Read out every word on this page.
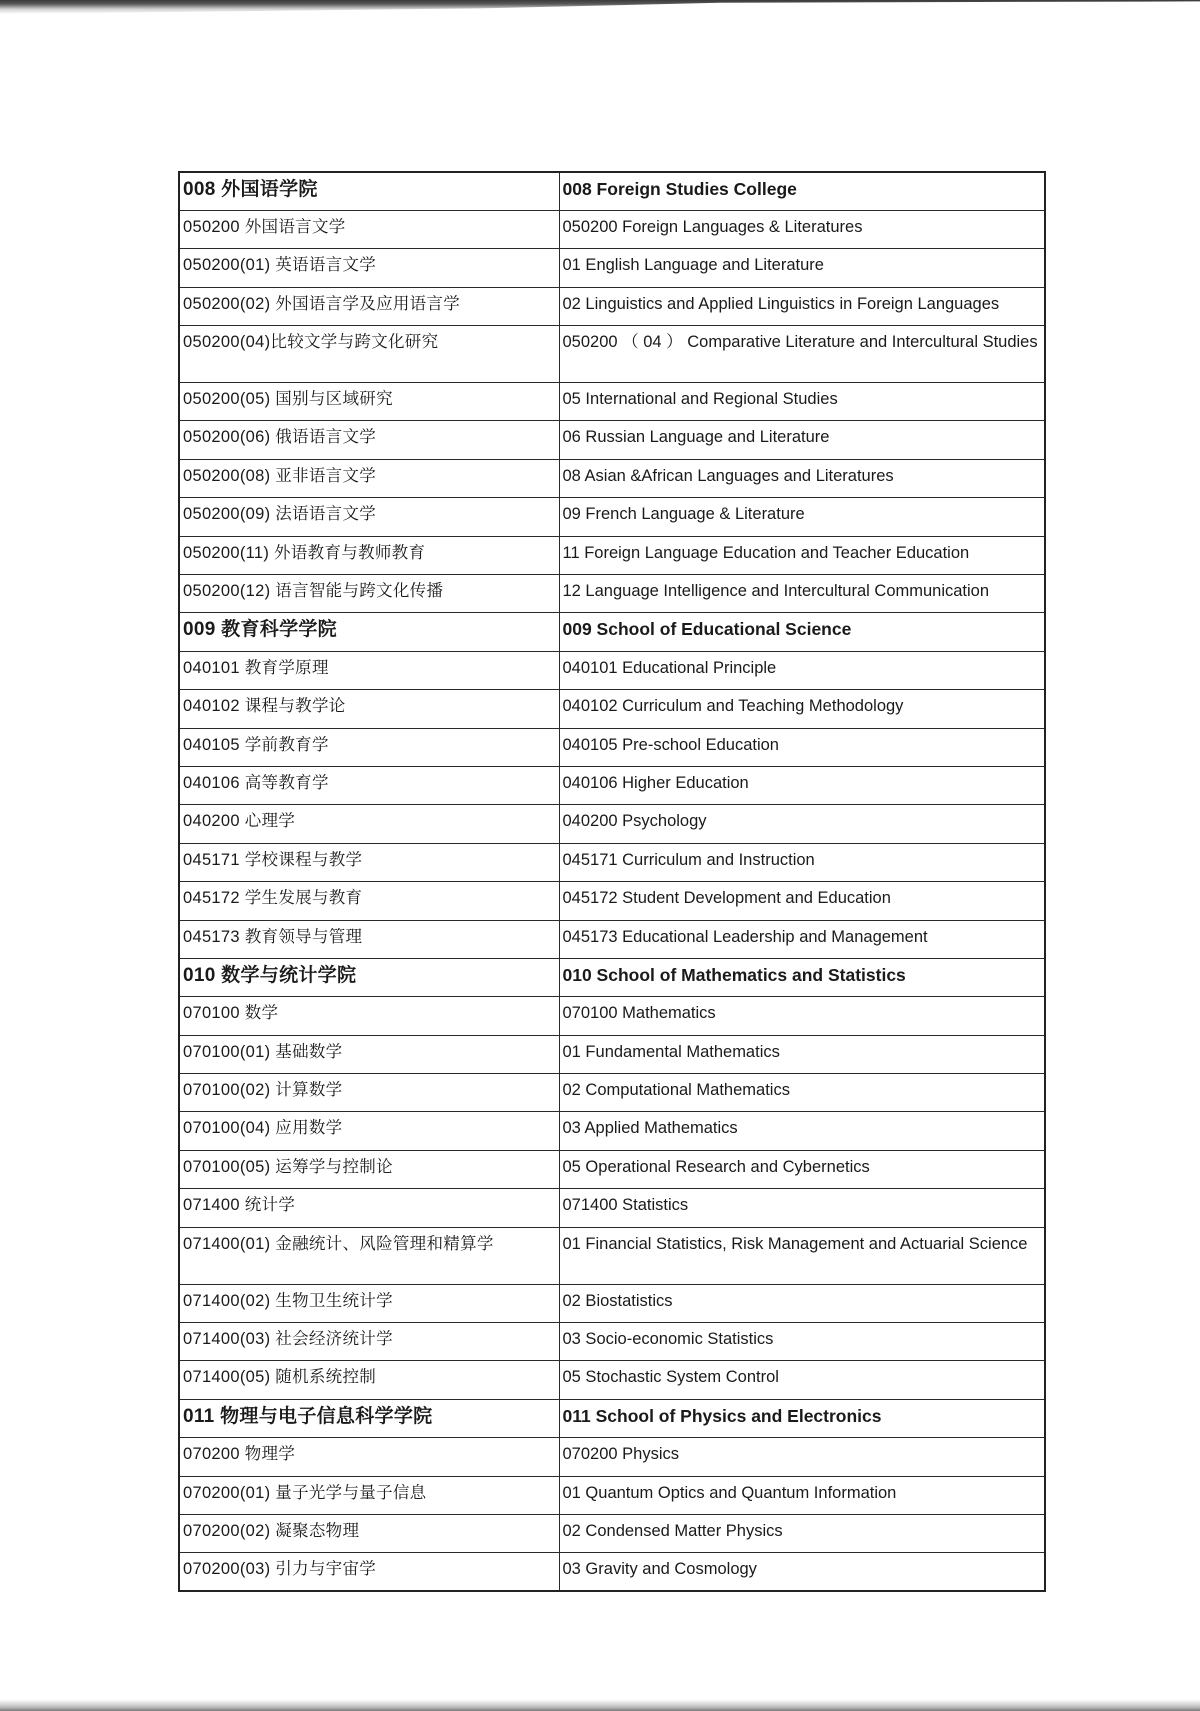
008 外国语学院	008 Foreign Studies College
050200 外国语言文学	050200 Foreign Languages & Literatures
050200(01) 英语语言文学	01 English Language and Literature
050200(02) 外国语言学及应用语言学	02 Linguistics and Applied Linguistics in Foreign Languages
050200(04)比较文学与跨文化研究	050200 （ 04 ） Comparative Literature and Intercultural Studies
050200(05) 国别与区域研究	05 International and Regional Studies
050200(06) 俄语语言文学	06 Russian Language and Literature
050200(08) 亚非语言文学	08 Asian &African Languages and Literatures
050200(09) 法语语言文学	09 French Language & Literature
050200(11) 外语教育与教师教育	11 Foreign Language Education and Teacher Education
050200(12) 语言智能与跨文化传播	12 Language Intelligence and Intercultural Communication
009 教育科学学院	009 School of Educational Science
040101 教育学原理	040101 Educational Principle
040102 课程与教学论	040102 Curriculum and Teaching Methodology
040105 学前教育学	040105 Pre-school Education
040106 高等教育学	040106 Higher Education
040200 心理学	040200 Psychology
045171 学校课程与教学	045171 Curriculum and Instruction
045172 学生发展与教育	045172 Student Development and Education
045173 教育领导与管理	045173 Educational Leadership and Management
010 数学与统计学院	010 School of Mathematics and Statistics
070100 数学	070100 Mathematics
070100(01) 基础数学	01 Fundamental Mathematics
070100(02) 计算数学	02 Computational Mathematics
070100(04) 应用数学	03 Applied Mathematics
070100(05) 运筹学与控制论	05 Operational Research and Cybernetics
071400 统计学	071400 Statistics
071400(01) 金融统计、风险管理和精算学	01 Financial Statistics, Risk Management and Actuarial Science
071400(02) 生物卫生统计学	02 Biostatistics
071400(03) 社会经济统计学	03 Socio-economic Statistics
071400(05) 随机系统控制	05 Stochastic System Control
011 物理与电子信息科学学院	011 School of Physics and Electronics
070200 物理学	070200 Physics
070200(01) 量子光学与量子信息	01 Quantum Optics and Quantum Information
070200(02) 凝聚态物理	02 Condensed Matter Physics
070200(03) 引力与宇宙学	03 Gravity and Cosmology
